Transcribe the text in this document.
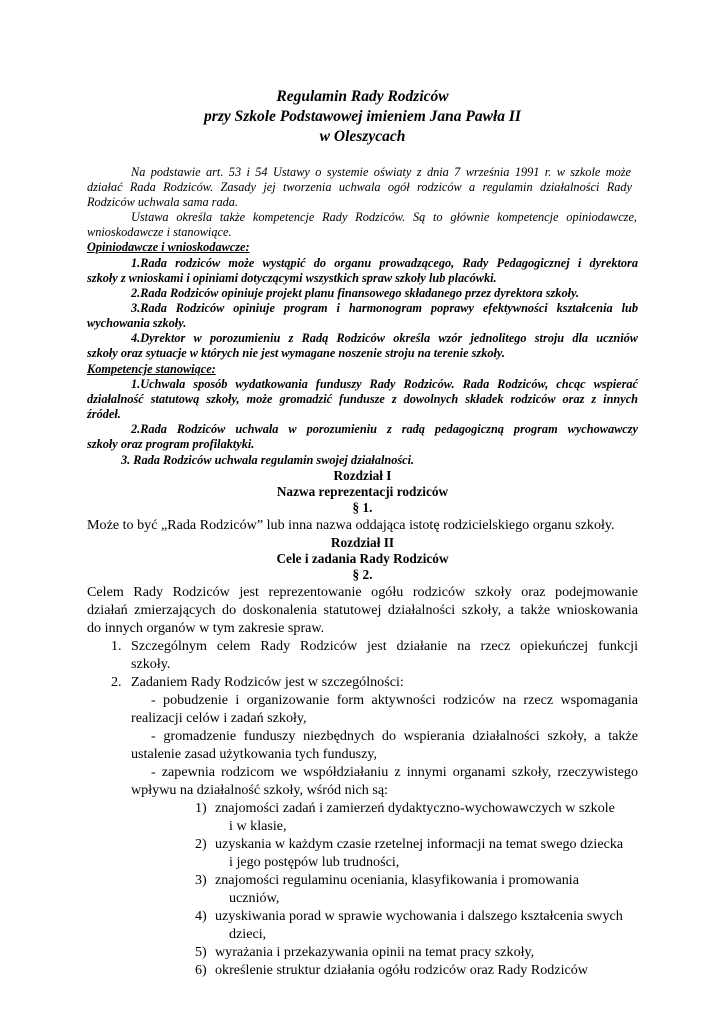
Regulamin Rady Rodziców
przy Szkole Podstawowej imieniem Jana Pawła II
w Oleszycach
Na podstawie art. 53 i 54 Ustawy o systemie oświaty z dnia 7 września 1991 r. w szkole może
działać Rada Rodziców. Zasady jej tworzenia uchwala ogół rodziców a regulamin działalności Rady
Rodziców uchwala sama rada.
Ustawa określa także kompetencje Rady Rodziców. Są to głównie kompetencje opiniodawcze,
wnioskodawcze i stanowiące.
Opiniodawcze i wnioskodawcze:
1.Rada rodziców może wystąpić do organu prowadzącego, Rady Pedagogicznej i dyrektora
szkoły z wnioskami i opiniami dotyczącymi wszystkich spraw szkoły lub placówki.
2.Rada Rodziców opiniuje projekt planu finansowego składanego przez dyrektora szkoły.
3.Rada Rodziców opiniuje program i harmonogram poprawy efektywności kształcenia lub
wychowania szkoły.
4.Dyrektor w porozumieniu z Radą Rodziców określa wzór jednolitego stroju dla uczniów
szkoły oraz sytuacje w których nie jest wymagane noszenie stroju na terenie szkoły.
Kompetencje stanowiące:
1.Uchwala sposób wydatkowania funduszy Rady Rodziców. Rada Rodziców, chcąc wspierać
działalność statutową szkoły, może gromadzić fundusze z dowolnych składek rodziców oraz z innych
źródeł.
2.Rada Rodziców uchwala w porozumieniu z radą pedagogiczną program wychowawczy
szkoły oraz program profilaktyki.
3. Rada Rodziców uchwala regulamin swojej działalności.
Rozdział I
Nazwa reprezentacji rodziców
§ 1.
Może to być „Rada Rodziców” lub inna nazwa oddająca istotę rodzicielskiego organu szkoły.
Rozdział II
Cele i zadania Rady Rodziców
§ 2.
Celem Rady Rodziców jest reprezentowanie ogółu rodziców szkoły oraz podejmowanie
działań zmierzających do doskonalenia statutowej działalności szkoły, a także wnioskowania
do innych organów w tym zakresie spraw.
1. Szczególnym celem Rady Rodziców jest działanie na rzecz opiekuńczej funkcji
szkoły.
2. Zadaniem Rady Rodziców jest w szczególności:
- pobudzenie i organizowanie form aktywności rodziców na rzecz wspomagania
realizacji celów i zadań szkoły,
- gromadzenie funduszy niezbędnych do wspierania działalności szkoły, a także
ustalenie zasad użytkowania tych funduszy,
- zapewnia rodzicom we współdziałaniu z innymi organami szkoły, rzeczywistego
wpływu na działalność szkoły, wśród nich są:
1) znajomości zadań i zamierzeń dydaktyczno-wychowawczych w szkole
i w klasie,
2) uzyskania w każdym czasie rzetelnej informacji na temat swego dziecka
i jego postępów lub trudności,
3) znajomości regulaminu oceniania, klasyfikowania i promowania
uczniów,
4) uzyskiwania porad w sprawie wychowania i dalszego kształcenia swych
dzieci,
5) wyrażania i przekazywania opinii na temat pracy szkoły,
6) określenie struktur działania ogółu rodziców oraz Rady Rodziców
